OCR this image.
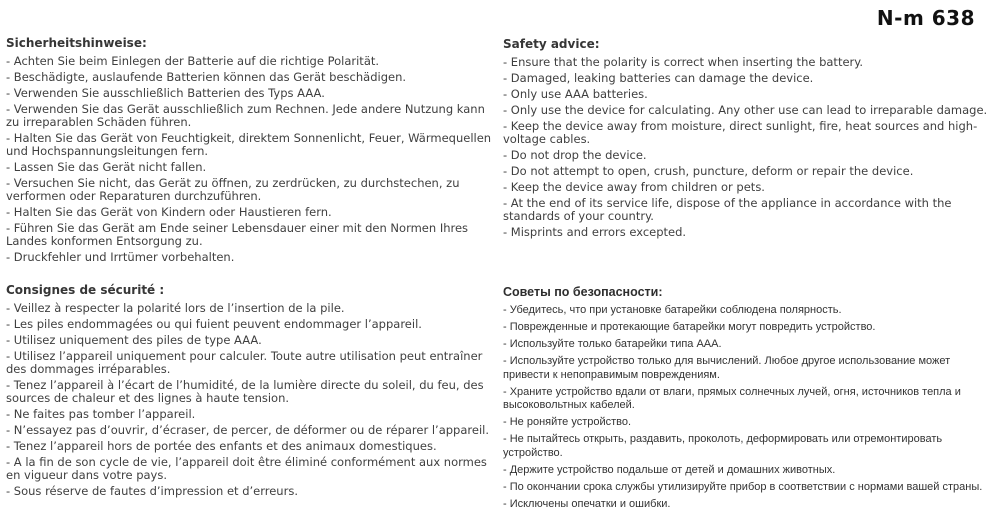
Sicherheitshinweise:

- Achten Sie beim Einlegen der Batterie auf die richtige Polarität.

- Beschädigte, auslaufende Batterien können das Gerät beschädigen.

- Verwenden Sie ausschließlich Batterien des Typs AAA.

- Verwenden Sie das Gerät ausschließlich zum Rechnen. Jede andere Nutzung kann zu irreparablen Schäden führen.

- Halten Sie das Gerät von Feuchtigkeit, direktem Sonnenlicht, Feuer, Wärmequellen und Hochspannungsleitungen fern.

- Lassen Sie das Gerät nicht fallen.

- Versuchen Sie nicht, das Gerät zu öffnen, zu zerdrücken, zu durchstechen, zu verformen oder Reparaturen durchzuführen.

- Halten Sie das Gerät von Kindern oder Haustieren fern.

- Führen Sie das Gerät am Ende seiner Lebensdauer einer mit den Normen Ihres Landes konformen Entsorgung zu.

- Druckfehler und Irrtümer vorbehalten.

Consignes de sécurité :

- Veillez à respecter la polarité lors de l’insertion de la pile.

- Les piles endommagées ou qui fuient peuvent endommager l’appareil.

- Utilisez uniquement des piles de type AAA.

- Utilisez l’appareil uniquement pour calculer. Toute autre utilisation peut entraîner des dommages irréparables.

- Tenez l’appareil à l’écart de l’humidité, de la lumière directe du soleil, du feu, des sources de chaleur et des lignes à haute tension.

- Ne faites pas tomber l’appareil.

- N’essayez pas d’ouvrir, d’écraser, de percer, de déformer ou de réparer l’appareil.

- Tenez l’appareil hors de portée des enfants et des animaux domestiques.

- A la fin de son cycle de vie, l’appareil doit être éliminé conformément aux normes en vigueur dans votre pays.

- Sous réserve de fautes d’impression et d’erreurs.

N-m 638
Safety advice:

- Ensure that the polarity is correct when inserting the battery.

- Damaged, leaking batteries can damage the device.

- Only use AAA batteries.

- Only use the device for calculating. Any other use can lead to irreparable damage.

- Keep the device away from moisture, direct sunlight, fire, heat sources and high-voltage cables.

- Do not drop the device.

- Do not attempt to open, crush, puncture, deform or repair the device.

- Keep the device away from children or pets.

- At the end of its service life, dispose of the appliance in accordance with the standards of your country.

- Misprints and errors excepted.

Советы по безопасности:

- Убедитесь, что при установке батарейки соблюдена полярность.

- Поврежденные и протекающие батарейки могут повредить устройство.

- Используйте только батарейки типа AAA.

- Используйте устройство только для вычислений. Любое другое использование может привести к непоправимым повреждениям.

- Храните устройство вдали от влаги, прямых солнечных лучей, огня, источников тепла и высоковольтных кабелей.

- Не роняйте устройство.

- Не пытайтесь открыть, раздавить, проколоть, деформировать или отремонтировать устройство.

- Держите устройство подальше от детей и домашних животных.

- По окончании срока службы утилизируйте прибор в соответствии с нормами вашей страны.

- Исключены опечатки и ошибки.
